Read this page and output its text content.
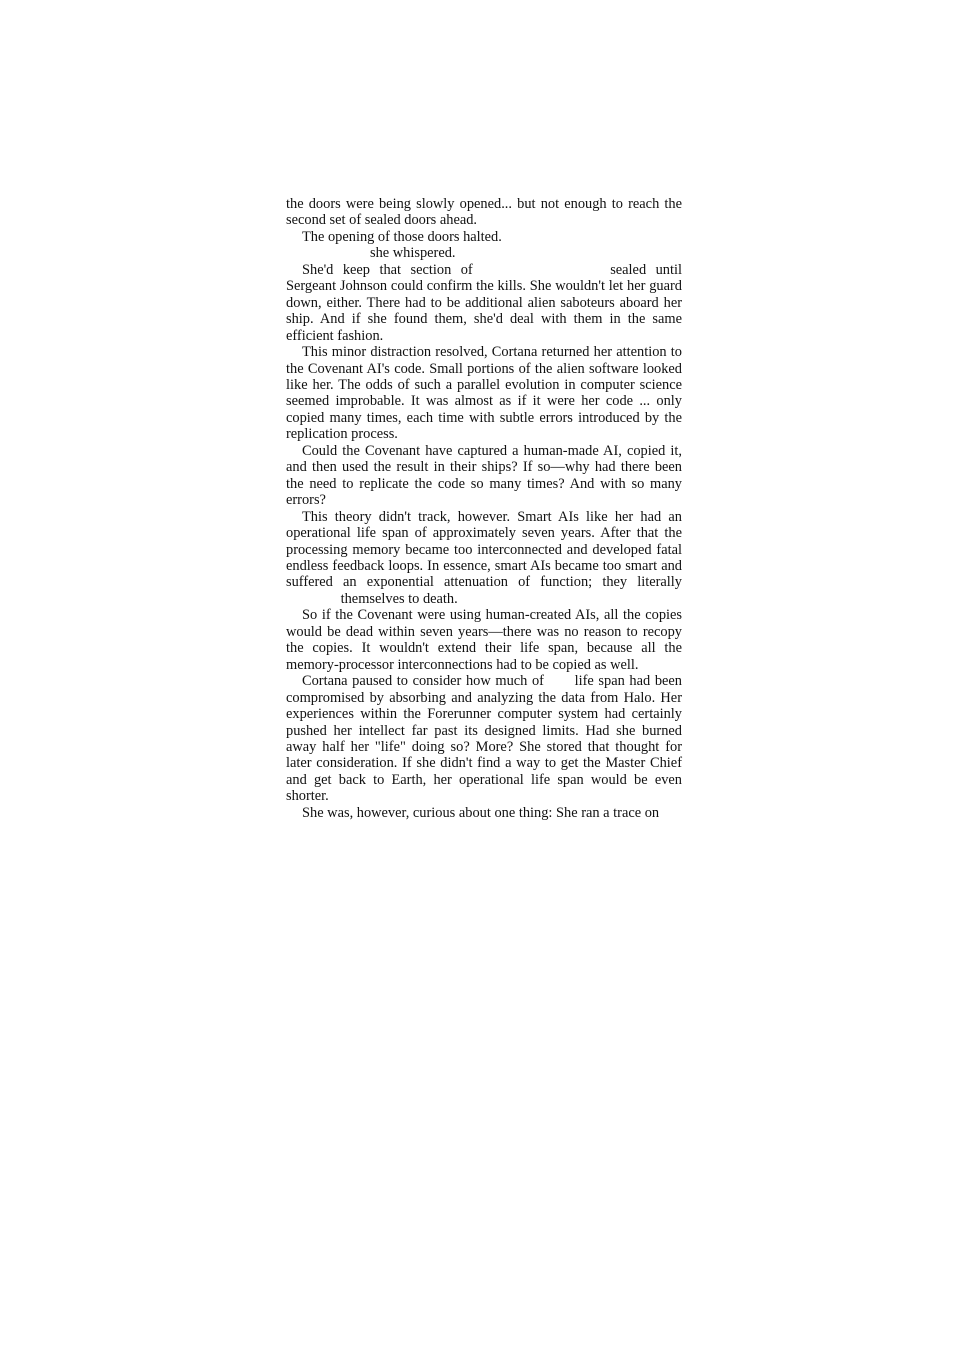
the doors were being slowly opened... but not enough to reach the second set of sealed doors ahead.

The opening of those doors halted.

she whispered.

She'd keep that section of	sealed until Sergeant Johnson could confirm the kills. She wouldn't let her guard down, either. There had to be additional alien saboteurs aboard her ship. And if she found them, she'd deal with them in the same efficient fashion.

This minor distraction resolved, Cortana returned her attention to the Covenant AI's code. Small portions of the alien software looked like her. The odds of such a parallel evolution in computer science seemed improbable. It was almost as if it were her code ... only copied many times, each time with subtle errors introduced by the replication process.

Could the Covenant have captured a human-made AI, copied it, and then used the result in their ships? If so—why had there been the need to replicate the code so many times? And with so many errors?

This theory didn't track, however. Smart AIs like her had an operational life span of approximately seven years. After that the processing memory became too interconnected and developed fatal endless feedback loops. In essence, smart AIs became too smart and suffered an exponential attenuation of function; they literally themselves to death.

So if the Covenant were using human-created AIs, all the copies would be dead within seven years—there was no reason to recopy the copies. It wouldn't extend their life span, because all the memory-processor interconnections had to be copied as well.

Cortana paused to consider how much of life span had been compromised by absorbing and analyzing the data from Halo. Her experiences within the Forerunner computer system had certainly pushed her intellect far past its designed limits. Had she burned away half her "life" doing so? More? She stored that thought for later consideration. If she didn't find a way to get the Master Chief and get back to Earth, her operational life span would be even shorter.

She was, however, curious about one thing: She ran a trace on
